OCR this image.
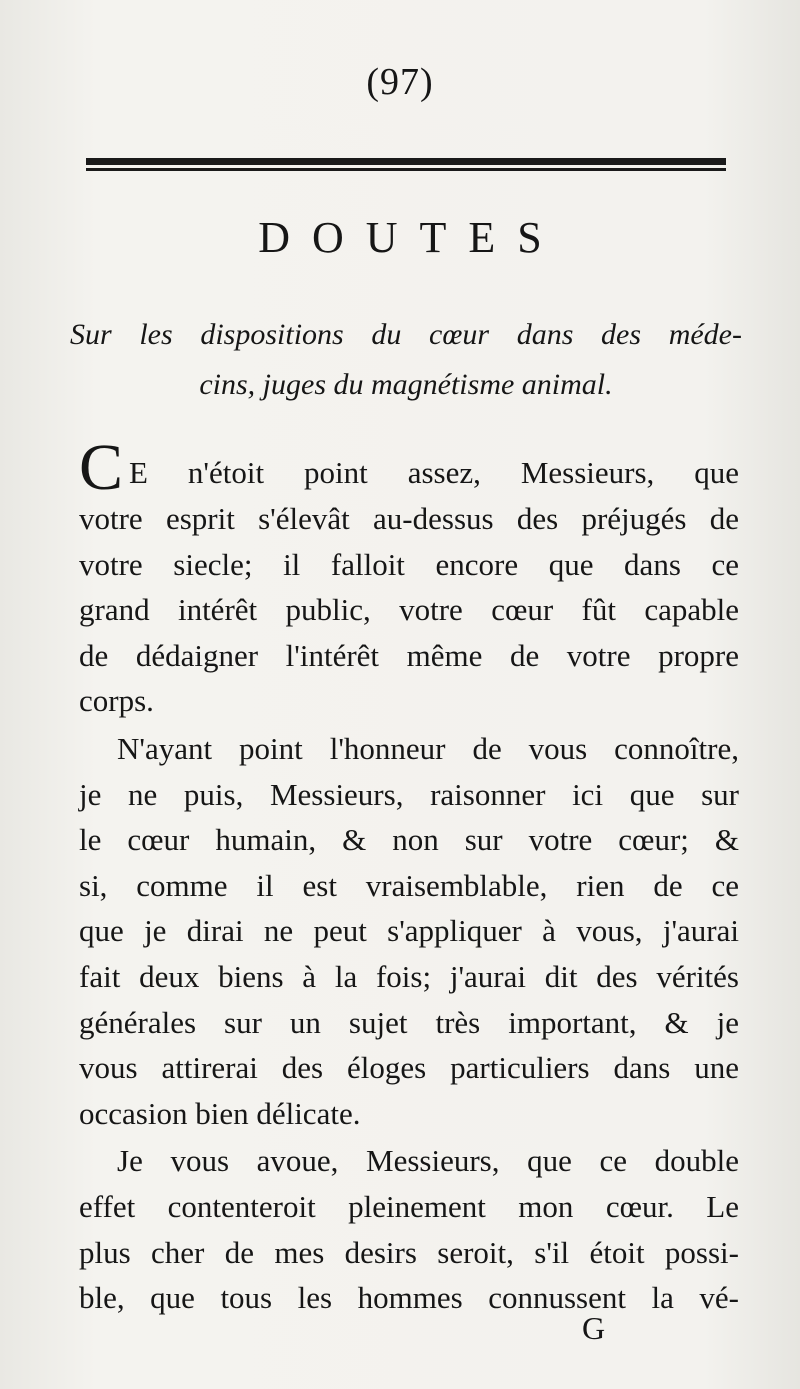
(97)
DOUTES
Sur les dispositions du cœur dans des méde-
cins, juges du magnétisme animal.
C E n'étoit point assez, Messieurs, que
votre esprit s'élevât au-dessus des préjugés de
votre siecle; il falloit encore que dans ce
grand intérêt public, votre cœur fût capable
de dédaigner l'intérêt même de votre propre
corps.
N'ayant point l'honneur de vous connoître,
je ne puis, Messieurs, raisonner ici que sur
le cœur humain, & non sur votre cœur; &
si, comme il est vraisemblable, rien de ce
que je dirai ne peut s'appliquer à vous, j'aurai
fait deux biens à la fois; j'aurai dit des vérités
générales sur un sujet très important, & je
vous attirerai des éloges particuliers dans une
occasion bien délicate.
Je vous avoue, Messieurs, que ce double
effet contenteroit pleinement mon cœur. Le
plus cher de mes desirs seroit, s'il étoit possi-
ble, que tous les hommes connussent la vé-
G
